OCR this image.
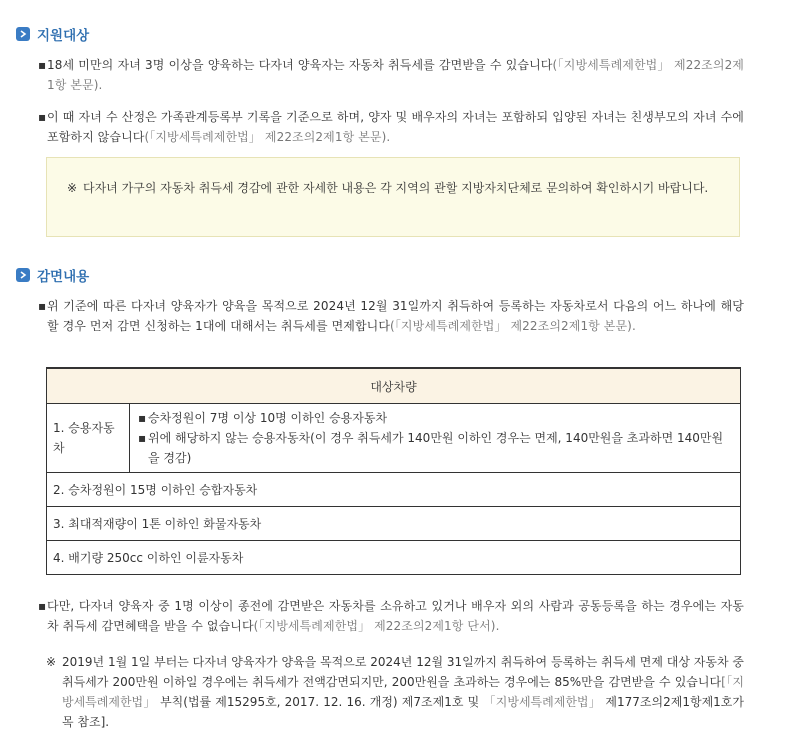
지원대상
▪ 18세 미만의 자녀 3명 이상을 양육하는 다자녀 양육자는 자동차 취득세를 감면받을 수 있습니다(「지방세특례제한법」 제22조의2제1항 본문).
▪ 이 때 자녀 수 산정은 가족관계등록부 기록을 기준으로 하며, 양자 및 배우자의 자녀는 포함하되 입양된 자녀는 친생부모의 자녀 수에 포함하지 않습니다(「지방세특례제한법」 제22조의2제1항 본문).
※ 다자녀 가구의 자동차 취득세 경감에 관한 자세한 내용은 각 지역의 관할 지방자치단체로 문의하여 확인하시기 바랍니다.
감면내용
▪ 위 기준에 따른 다자녀 양육자가 양육을 목적으로 2024년 12월 31일까지 취득하여 등록하는 자동차로서 다음의 어느 하나에 해당할 경우 먼저 감면 신청하는 1대에 대해서는 취득세를 면제합니다(「지방세특례제한법」 제22조의2제1항 본문).
대상차량
1. 승용자동차	
▪ 승차정원이 7명 이상 10명 이하인 승용자동차
▪ 위에 해당하지 않는 승용자동차(이 경우 취득세가 140만원 이하인 경우는 면제, 140만원을 초과하면 140만원을 경감)

2. 승차정원이 15명 이하인 승합자동차
3. 최대적재량이 1톤 이하인 화물자동차
4. 배기량 250cc 이하인 이륜자동차
▪ 다만, 다자녀 양육자 중 1명 이상이 종전에 감면받은 자동차를 소유하고 있거나 배우자 외의 사람과 공동등록을 하는 경우에는 자동차 취득세 감면혜택을 받을 수 없습니다(「지방세특례제한법」 제22조의2제1항 단서).
※ 2019년 1월 1일 부터는 다자녀 양육자가 양육을 목적으로 2024년 12월 31일까지 취득하여 등록하는 취득세 면제 대상 자동차 중 취득세가 200만원 이하일 경우에는 취득세가 전액감면되지만, 200만원을 초과하는 경우에는 85%만을 감면받을 수 있습니다[「지방세특례제한법」 부칙(법률 제15295호, 2017. 12. 16. 개정) 제7조제1호 및 「지방세특례제한법」 제177조의2제1항제1호가목 참조].
